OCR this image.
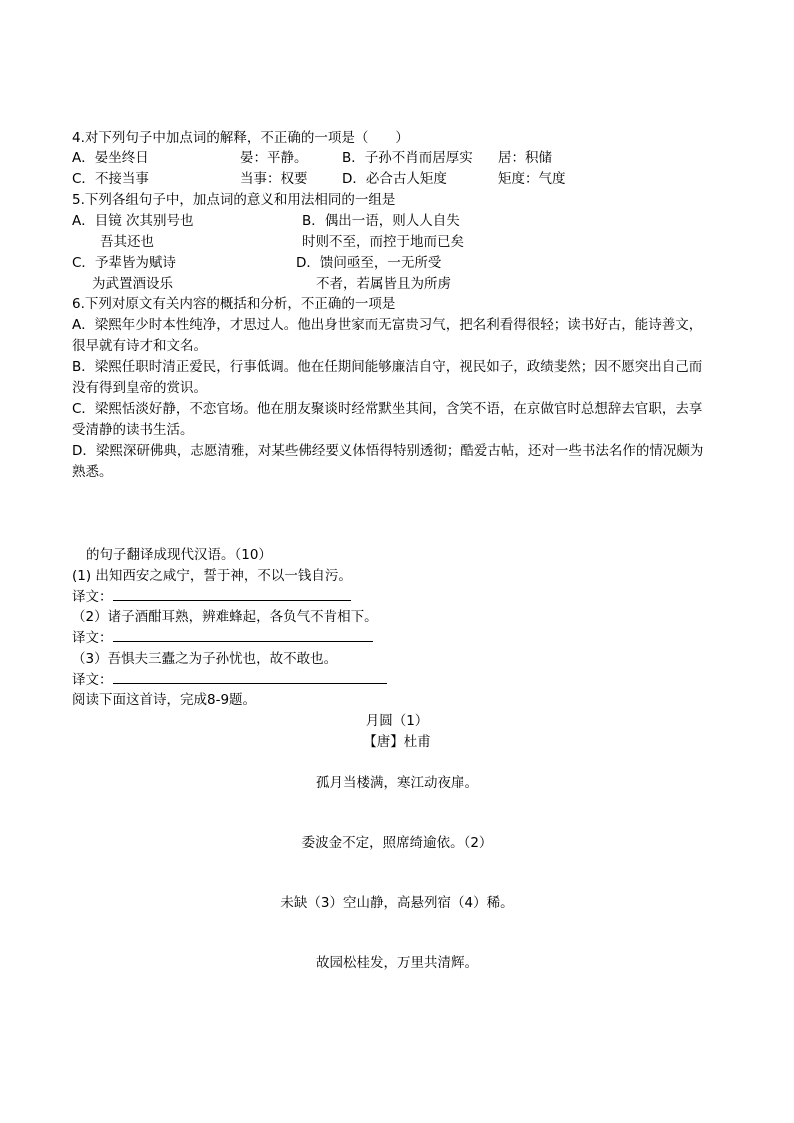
4.对下列句子中加点词的解释，不正确的一项是（　　）
A．晏坐终日	晏：平静。	B．子孙不肖而居厚实 居：积储
C．不接当事	当事：权要	D．必合古人矩度	矩度：气度
5.下列各组句子中，加点词的意义和用法相同的一组是
A．目镜 次其别号也	B．偶出一语，则人人自失
吾其还也	时则不至，而控于地而已矣
C．予辈皆为赋诗	D．馈问亟至，一无所受
为武置酒设乐	不者，若属皆且为所虏
6.下列对原文有关内容的概括和分析，不正确的一项是
A．梁熙年少时本性纯净，才思过人。他出身世家而无富贵习气，把名利看得很轻；读书好古，能诗善文，
很早就有诗才和文名。
B．梁熙任职时清正爱民，行事低调。他在任期间能够廉洁自守，视民如子，政绩斐然；因不愿突出自己而
没有得到皇帝的赏识。
C．梁熙恬淡好静，不恋官场。他在朋友聚谈时经常默坐其间，含笑不语，在京做官时总想辞去官职，去享
受清静的读书生活。
D．梁熙深研佛典，志愿清雅，对某些佛经要义体悟得特别透彻；酷爱古帖，还对一些书法名作的情况颇为
熟悉。
的句子翻译成现代汉语。（10）
(1) 出知西安之咸宁，誓于神，不以一钱自污。
译文：
（2）诸子酒酣耳熟，辨难蜂起，各负气不肯相下。
译文：
（3）吾惧夫三蠹之为子孙忧也，故不敢也。
译文：
阅读下面这首诗，完成8-9题。
月圆（1）
【唐】杜甫
孤月当楼满，寒江动夜扉。
委波金不定，照席绮逾依。（2）
未缺（3）空山静，高悬列宿（4）稀。
故园松桂发，万里共清辉。
